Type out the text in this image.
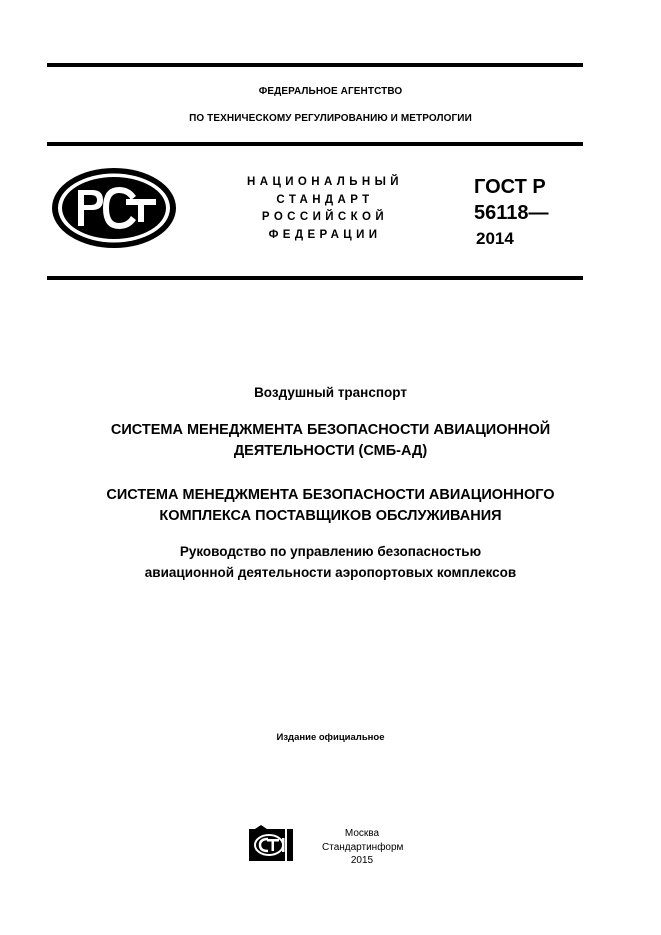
ФЕДЕРАЛЬНОЕ АГЕНТСТВО
ПО ТЕХНИЧЕСКОМУ РЕГУЛИРОВАНИЮ И МЕТРОЛОГИИ
НАЦИОНАЛЬНЫЙ
СТАНДАРТ
РОССИЙСКОЙ
ФЕДЕРАЦИИ
ГОСТ Р
56118—
2014
Воздушный транспорт
СИСТЕМА МЕНЕДЖМЕНТА БЕЗОПАСНОСТИ АВИАЦИОННОЙ
ДЕЯТЕЛЬНОСТИ (СМБ-АД)
СИСТЕМА МЕНЕДЖМЕНТА БЕЗОПАСНОСТИ АВИАЦИОННОГО
КОМПЛЕКСА ПОСТАВЩИКОВ ОБСЛУЖИВАНИЯ
Руководство по управлению безопасностью
авиационной деятельности аэропортовых комплексов
Издание официальное
Москва
Стандартинформ
2015
